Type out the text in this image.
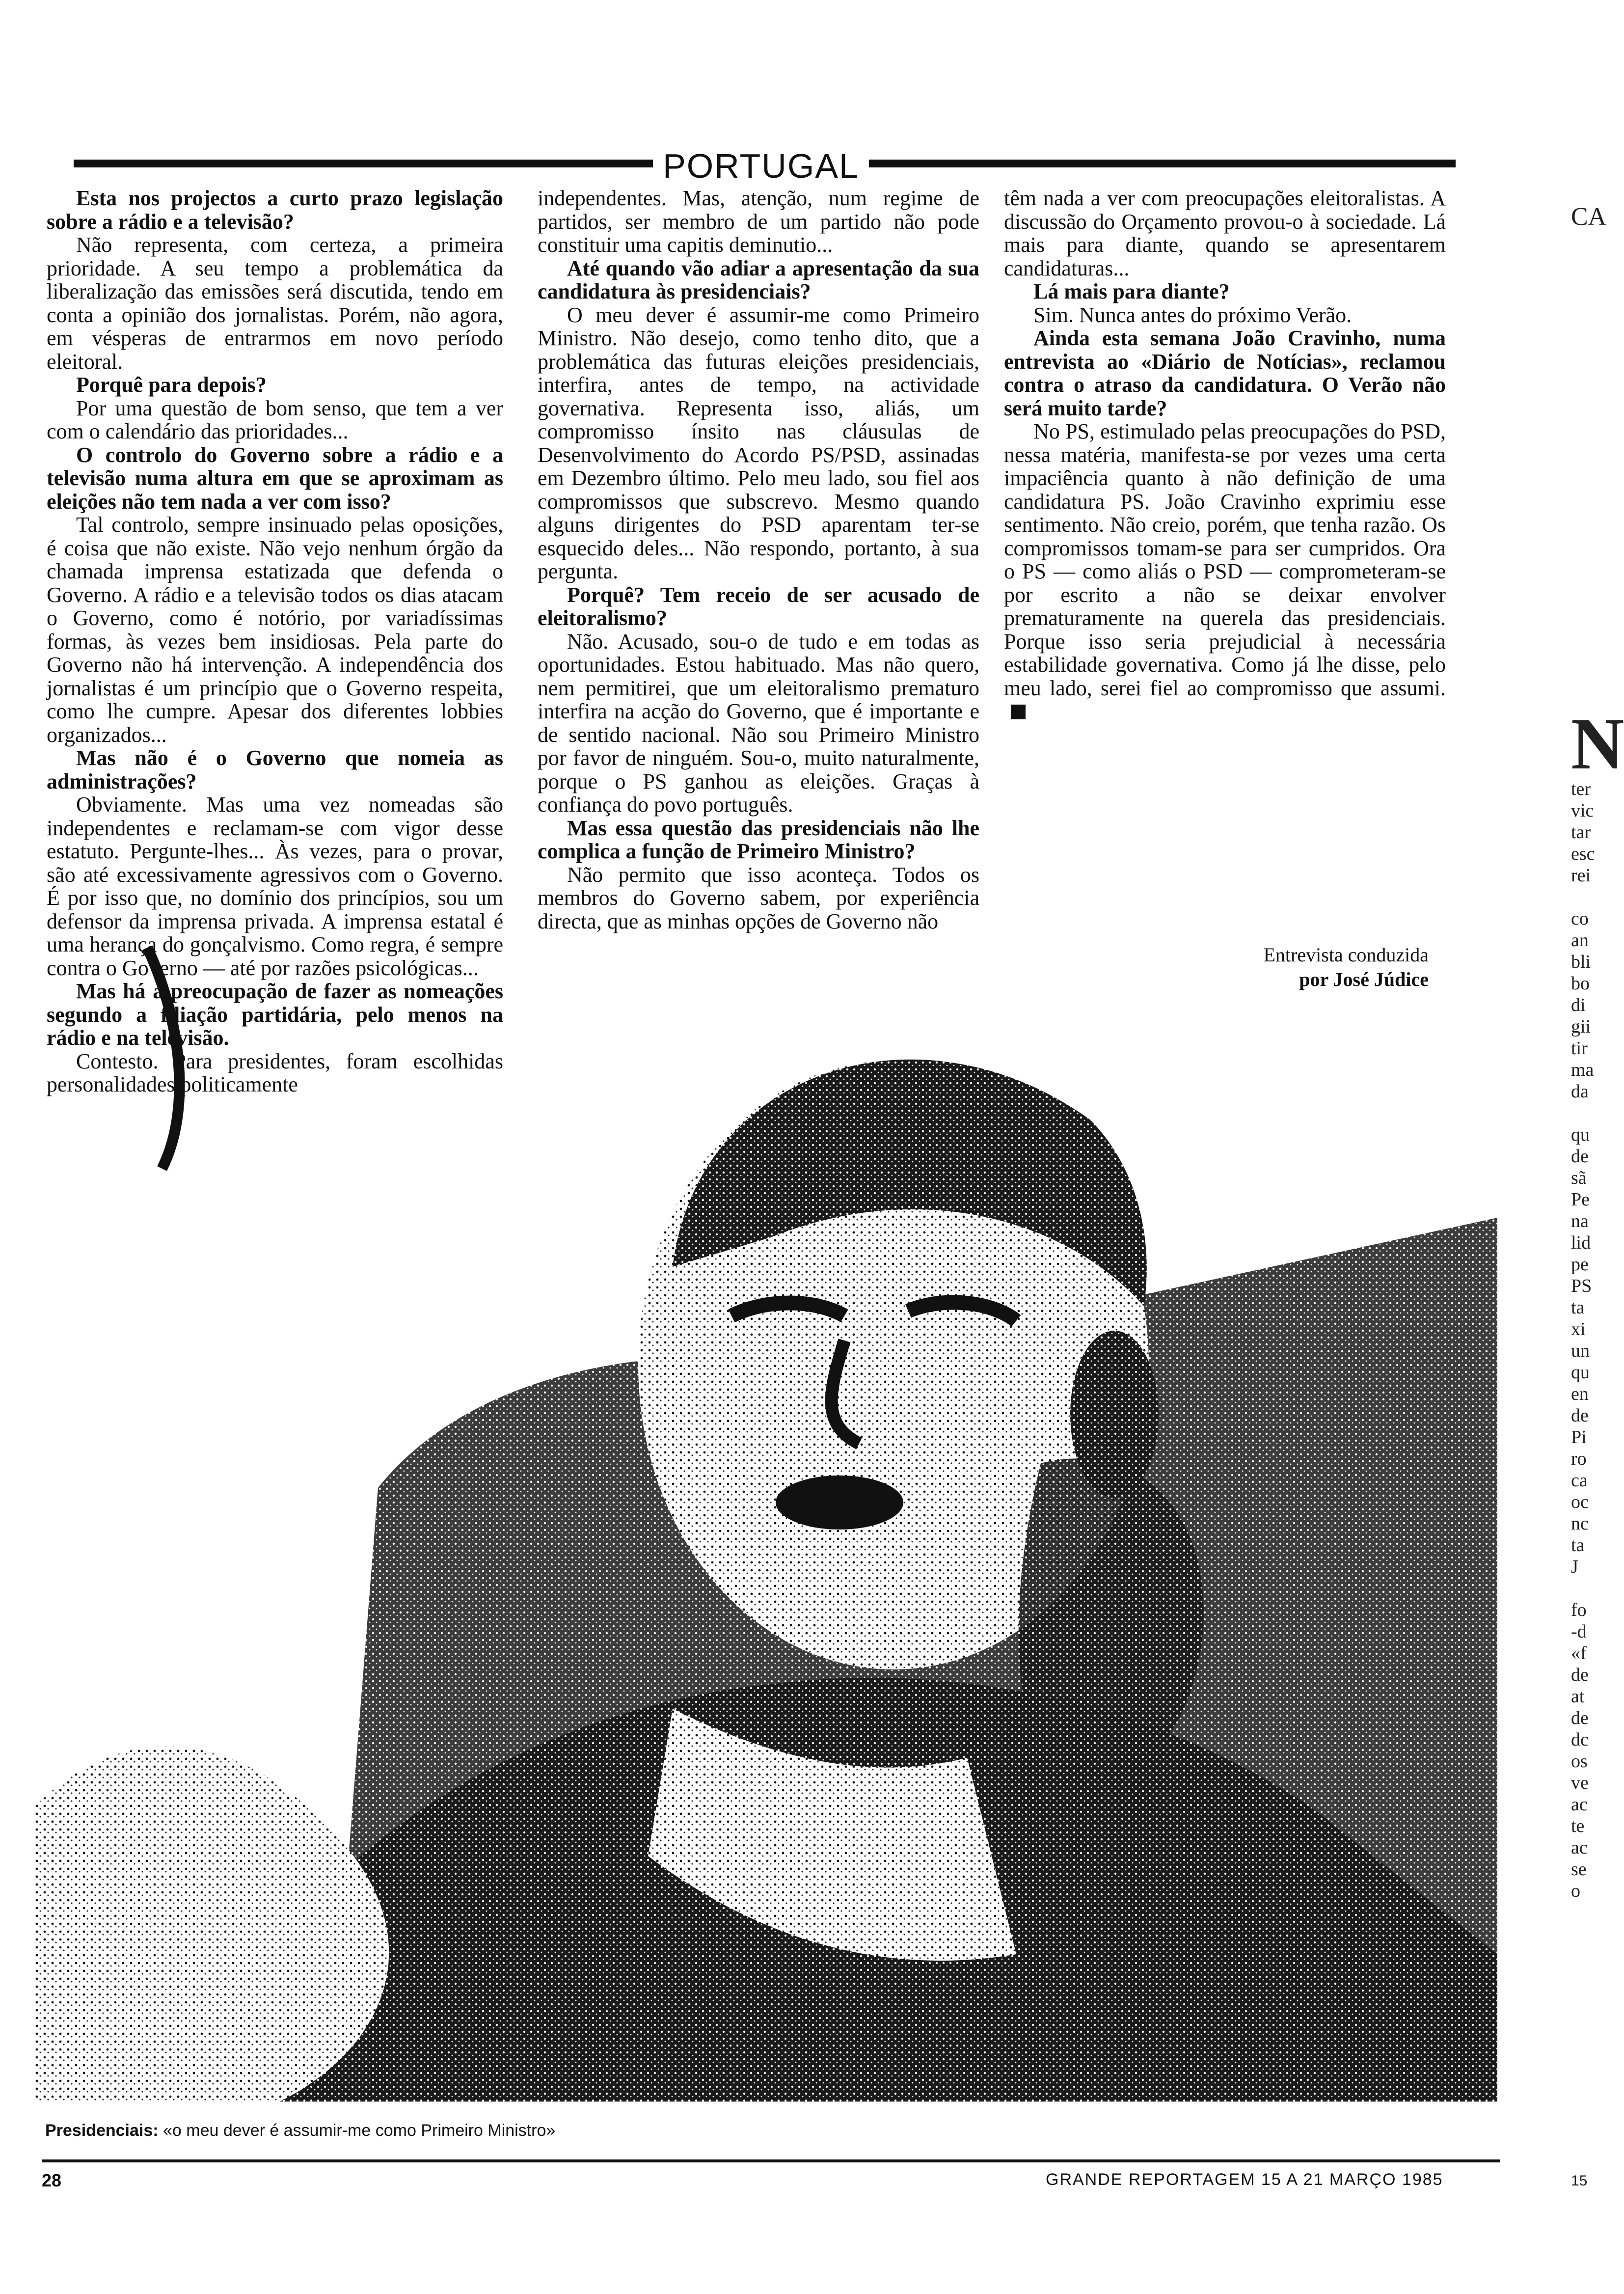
PORTUGAL

Esta nos projectos a curto prazo legislação sobre a rádio e a televisão?

Não representa, com certeza, a primeira prioridade. A seu tempo a problemática da liberalização das emissões será discutida, tendo em conta a opinião dos jornalistas. Porém, não agora, em vésperas de entrarmos em novo período eleitoral.

Porquê para depois?

Por uma questão de bom senso, que tem a ver com o calendário das prioridades...

O controlo do Governo sobre a rádio e a televisão numa altura em que se aproximam as eleições não tem nada a ver com isso?

Tal controlo, sempre insinuado pelas oposições, é coisa que não existe. Não vejo nenhum órgão da chamada imprensa estatizada que defenda o Governo. A rádio e a televisão todos os dias atacam o Governo, como é notório, por variadíssimas formas, às vezes bem insidiosas. Pela parte do Governo não há intervenção. A independência dos jornalistas é um princípio que o Governo respeita, como lhe cumpre. Apesar dos diferentes lobbies organizados...

Mas não é o Governo que nomeia as administrações?

Obviamente. Mas uma vez nomeadas são independentes e reclamam-se com vigor desse estatuto. Pergunte-lhes... Às vezes, para o provar, são até excessivamente agressivos com o Governo. É por isso que, no domínio dos princípios, sou um defensor da imprensa privada. A imprensa estatal é uma herança do gonçalvismo. Como regra, é sempre contra o Governo — até por razões psicológicas...

Mas há a preocupação de fazer as nomeações segundo a filiação partidária, pelo menos na rádio e na televisão.

Contesto. Para presidentes, foram escolhidas personalidades politicamente

independentes. Mas, atenção, num regime de partidos, ser membro de um partido não pode constituir uma capitis deminutio...

Até quando vão adiar a apresentação da sua candidatura às presidenciais?

O meu dever é assumir-me como Primeiro Ministro. Não desejo, como tenho dito, que a problemática das futuras eleições presidenciais, interfira, antes de tempo, na actividade governativa. Representa isso, aliás, um compromisso ínsito nas cláusulas de Desenvolvimento do Acordo PS/PSD, assinadas em Dezembro último. Pelo meu lado, sou fiel aos compromissos que subscrevo. Mesmo quando alguns dirigentes do PSD aparentam ter-se esquecido deles... Não respondo, portanto, à sua pergunta.

Porquê? Tem receio de ser acusado de eleitoralismo?

Não. Acusado, sou-o de tudo e em todas as oportunidades. Estou habituado. Mas não quero, nem permitirei, que um eleitoralismo prematuro interfira na acção do Governo, que é importante e de sentido nacional. Não sou Primeiro Ministro por favor de ninguém. Sou-o, muito naturalmente, porque o PS ganhou as eleições. Graças à confiança do povo português.

Mas essa questão das presidenciais não lhe complica a função de Primeiro Ministro?

Não permito que isso aconteça. Todos os membros do Governo sabem, por experiência directa, que as minhas opções de Governo não

têm nada a ver com preocupações eleitoralistas. A discussão do Orçamento provou-o à sociedade. Lá mais para diante, quando se apresentarem candidaturas...

Lá mais para diante?

Sim. Nunca antes do próximo Verão.

Ainda esta semana João Cravinho, numa entrevista ao «Diário de Notícias», reclamou contra o atraso da candidatura. O Verão não será muito tarde?

No PS, estimulado pelas preocupações do PSD, nessa matéria, manifesta-se por vezes uma certa impaciência quanto à não definição de uma candidatura PS. João Cravinho exprimiu esse sentimento. Não creio, porém, que tenha razão. Os compromissos tomam-se para ser cumpridos. Ora o PS — como aliás o PSD — comprometeram-se por escrito a não se deixar envolver prematuramente na querela das presidenciais. Porque isso seria prejudicial à necessária estabilidade governativa. Como já lhe disse, pelo meu lado, serei fiel ao compromisso que assumi.

Entrevista conduzida
por José Júdice
Presidenciais: «o meu dever é assumir-me como Primeiro Ministro»
28	GRANDE REPORTAGEM 15 A 21 MARÇO 1985
CA
N
ter
vic
tar
esc
rei
co
an
bli
bo
di
gii
tir
ma
da
qu
de
sã
Pe
na
lid
pe
PS
ta
xi
un
qu
en
de
Pi
ro
ca
oc
nc
ta
J
fo
-d
«f
de
at
de
dc
os
ve
ac
te
ac
se
o
15
